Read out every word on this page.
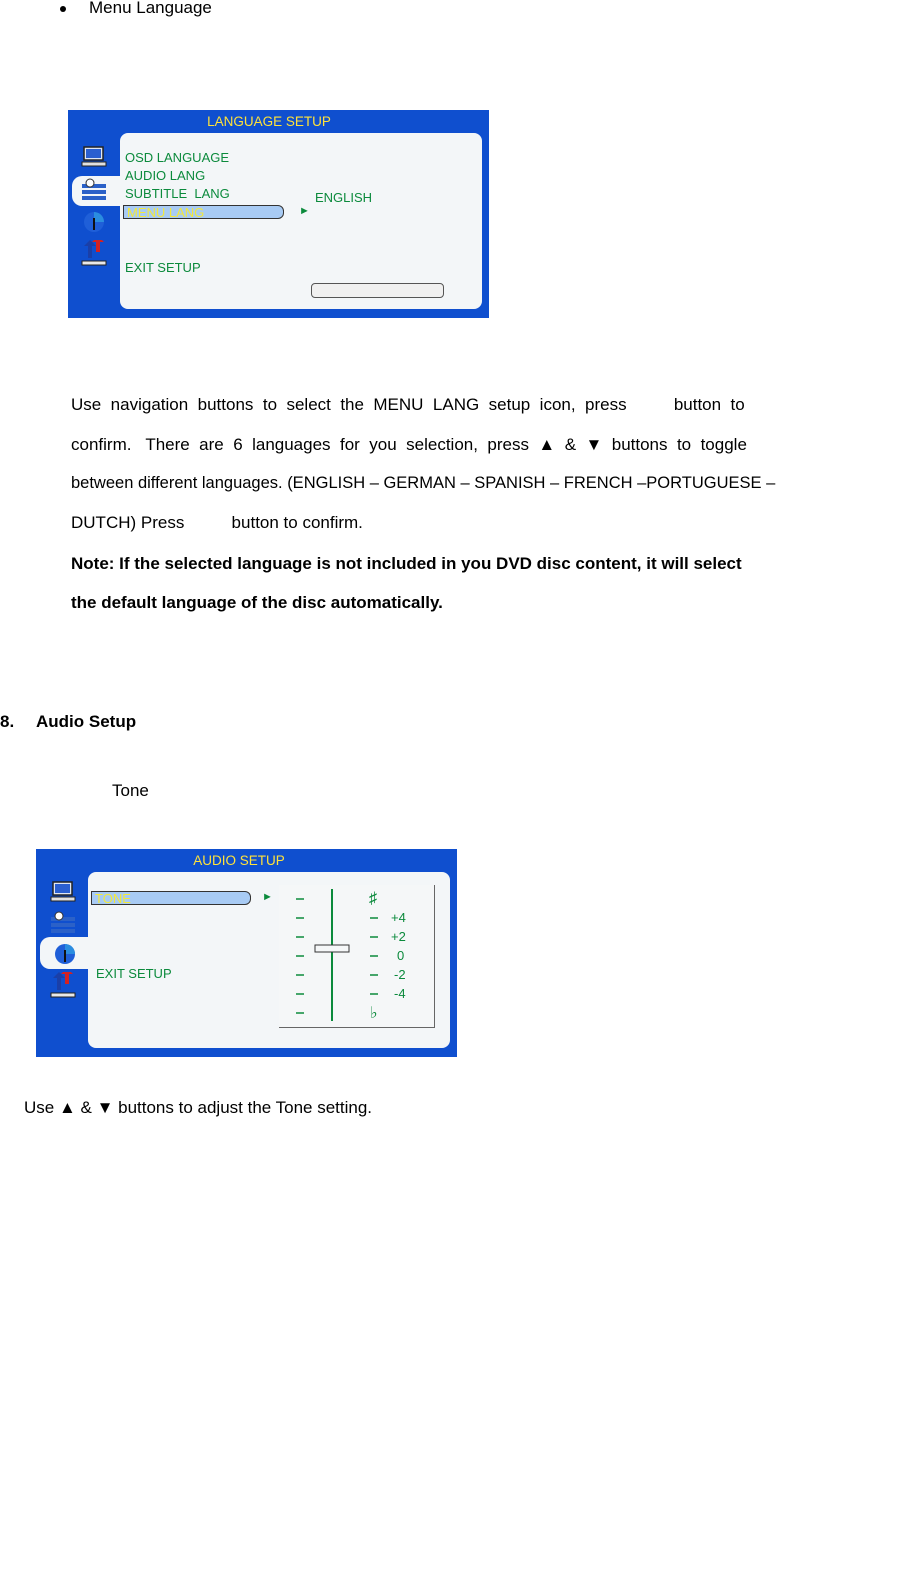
Menu Language
LANGUAGE SETUP
OSD LANGUAGE
AUDIO LANG
SUBTITLE  LANG
MENU LANG	►
ENGLISH
EXIT SETUP
Use  navigation  buttons  to  select  the  MENU  LANG  setup  icon,  press          button  to
confirm.   There  are  6  languages  for  you  selection,  press  ▲  &  ▼  buttons  to  toggle
between different languages. (ENGLISH – GERMAN – SPANISH – FRENCH –PORTUGUESE –
DUTCH) Press          button to confirm.
Note: If the selected language is not included in you DVD disc content, it will select
the default language of the disc automatically.
8. Audio Setup
Tone
AUDIO SETUP
TONE	►
EXIT SETUP
♯
+4
+2
0
-2
-4
♭
Use ▲ & ▼ buttons to adjust the Tone setting.
